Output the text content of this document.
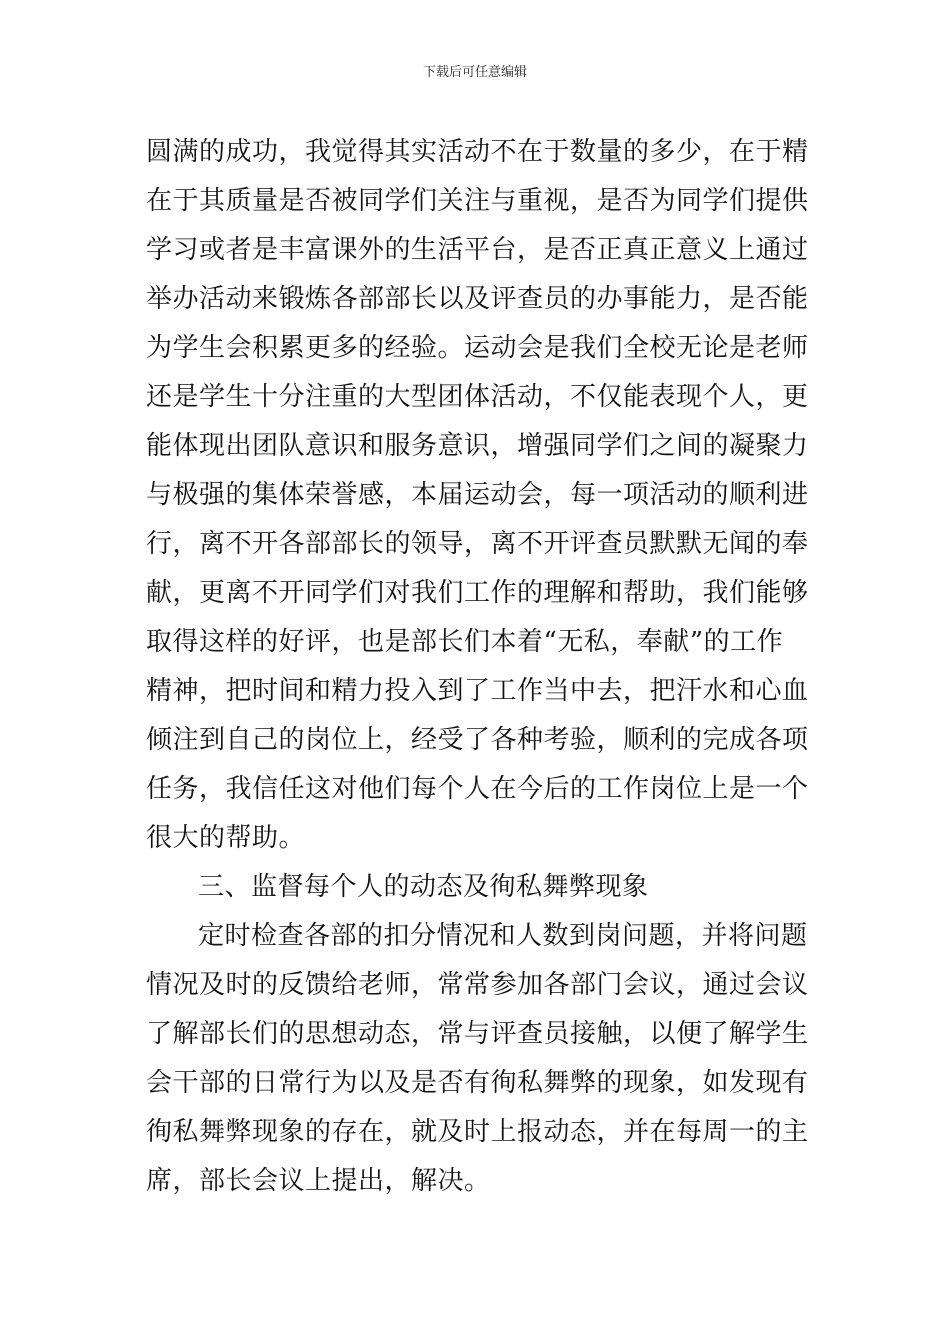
下载后可任意编辑
圆满的成功，我觉得其实活动不在于数量的多少，在于精
在于其质量是否被同学们关注与重视，是否为同学们提供
学习或者是丰富课外的生活平台，是否正真正意义上通过
举办活动来锻炼各部部长以及评查员的办事能力，是否能
为学生会积累更多的经验。运动会是我们全校无论是老师
还是学生十分注重的大型团体活动，不仅能表现个人，更
能体现出团队意识和服务意识，增强同学们之间的凝聚力
与极强的集体荣誉感，本届运动会，每一项活动的顺利进
行，离不开各部部长的领导，离不开评查员默默无闻的奉
献，更离不开同学们对我们工作的理解和帮助，我们能够
取得这样的好评，也是部长们本着“无私，奉献”的工作
精神，把时间和精力投入到了工作当中去，把汗水和心血
倾注到自己的岗位上，经受了各种考验，顺利的完成各项
任务，我信任这对他们每个人在今后的工作岗位上是一个
很大的帮助。
三、监督每个人的动态及徇私舞弊现象
定时检查各部的扣分情况和人数到岗问题，并将问题
情况及时的反馈给老师，常常参加各部门会议，通过会议
了解部长们的思想动态，常与评查员接触，以便了解学生
会干部的日常行为以及是否有徇私舞弊的现象，如发现有
徇私舞弊现象的存在，就及时上报动态，并在每周一的主
席，部长会议上提出，解决。
